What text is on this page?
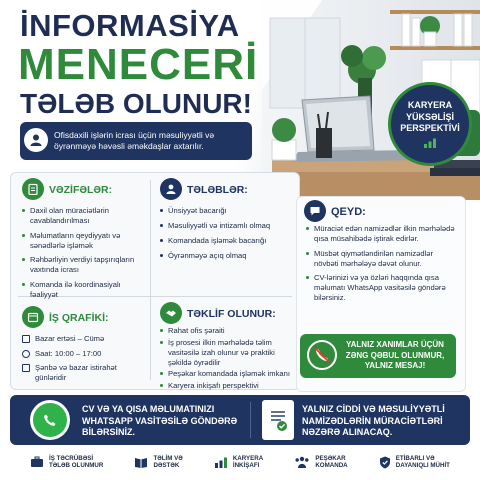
İNFORMASİYA
MENECERİ
TƏLƏB OLUNUR!
Ofisdaxili işlərin icrası üçün məsuliyyətli və öyrənməyə həvəsli əməkdaşlar axtarılır.
KARYERA
YÜKSƏLİŞİ
PERSPEKTİVİ
VƏZİFƏLƏR:
Daxil olan müraciətlərin cavablandırılması
Məlumatların qeydiyyatı və sənədlərlə işləmək
Rəhbərliyin verdiyi tapşırıqların vaxtında icrası
Komanda ilə koordinasiyalı fəaliyyət
TƏLƏBLƏR:
Ünsiyyət bacarığı
Məsuliyyətli və intizamlı olmaq
Komandada işləmək bacarığı
Öyrənməyə açıq olmaq
İŞ QRAFİKİ:
Bazar ertəsi – Cümə
Saat: 10:00 – 17:00
Şənbə və bazar istirahət günləridir
TƏKLİF OLUNUR:
Rahat ofis şəraiti
İş prosesi ilkin mərhələdə təlim vasitəsilə izah olunur və praktiki şəkildə öyrədilir
Peşəkar komandada işləmək imkanı
Karyera inkişafı perspektivi
QEYD:
Müraciət edən namizədlər ilkin mərhələdə qısa müsahibədə iştirak edirlər.
Müsbət qiymətləndirilən namizədlər növbəti mərhələyə dəvət olunur.
CV-lərinizi və ya özləri haqqında qısa məlumatı WhatsApp vasitəsilə göndərə bilərsiniz.
YALNIZ XANIMLAR ÜÇÜN ZƏNG QƏBUL OLUNMUR, YALNIZ MESAJ!
CV VƏ YA QISA MƏLUMATINIZI WHATSAPP VASİTƏSİLƏ GÖNDƏRƏ BİLƏRSİNİZ.
YALNIZ CİDDİ VƏ MƏSULİYYƏTLİ NAMİZƏDLƏRİN MÜRACİƏTLƏRİ NƏZƏRƏ ALINACAQ.
İŞ TƏCRÜBƏSİ
TƏLƏB OLUNMUR
TƏLİM VƏ
DƏSTƏK
KARYERA
İNKİŞAFI
PEŞƏKAR
KOMANDA
ETİBARLI VƏ
DAYANIQLI MÜHİT
